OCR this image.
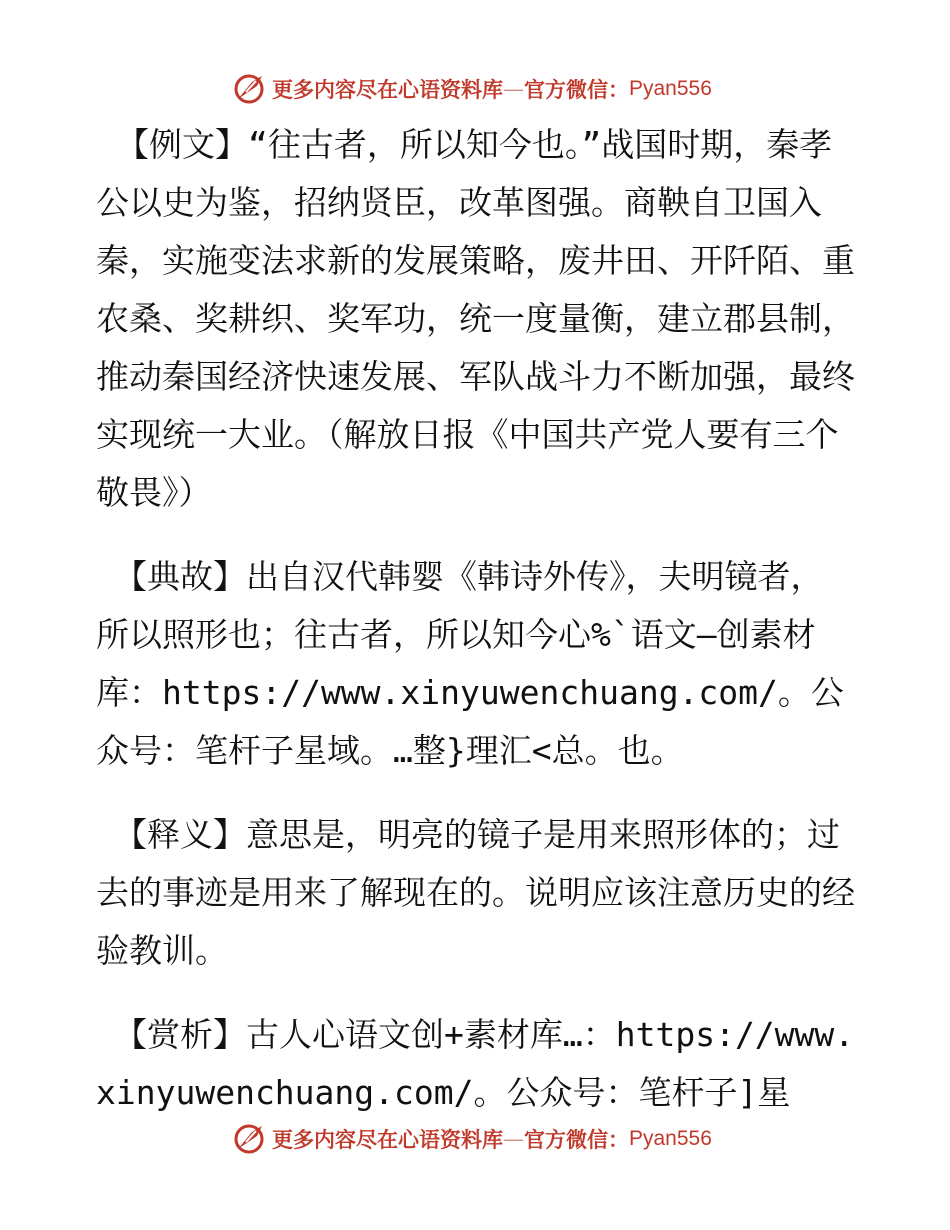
更多内容尽在心语资料库 — 官方微信： Pyan556

【例文】“往古者，所以知今也。”战国时期，秦孝公以史为鉴，招纳贤臣，改革图强。商鞅自卫国入秦，实施变法求新的发展策略，废井田、开阡陌、重农桑、奖耕织、奖军功，统一度量衡，建立郡县制，推动秦国经济快速发展、军队战斗力不断加强，最终实现统一大业。（解放日报《中国共产党人要有三个敬畏》）

【典故】出自汉代韩婴《韩诗外传》，夫明镜者，所以照形也；往古者，所以知今心%`语文—创素材库：https://www.xinyuwenchuang.com/。公众号：笔杆子星域。…整}理汇<总。也。

【释义】意思是，明亮的镜子是用来照形体的；过去的事迹是用来了解现在的。说明应该注意历史的经验教训。

【赏析】古人心语文创+素材库…：https://www.xinyuwenchuang.com/。公众号：笔杆子]星

更多内容尽在心语资料库 — 官方微信： Pyan556
